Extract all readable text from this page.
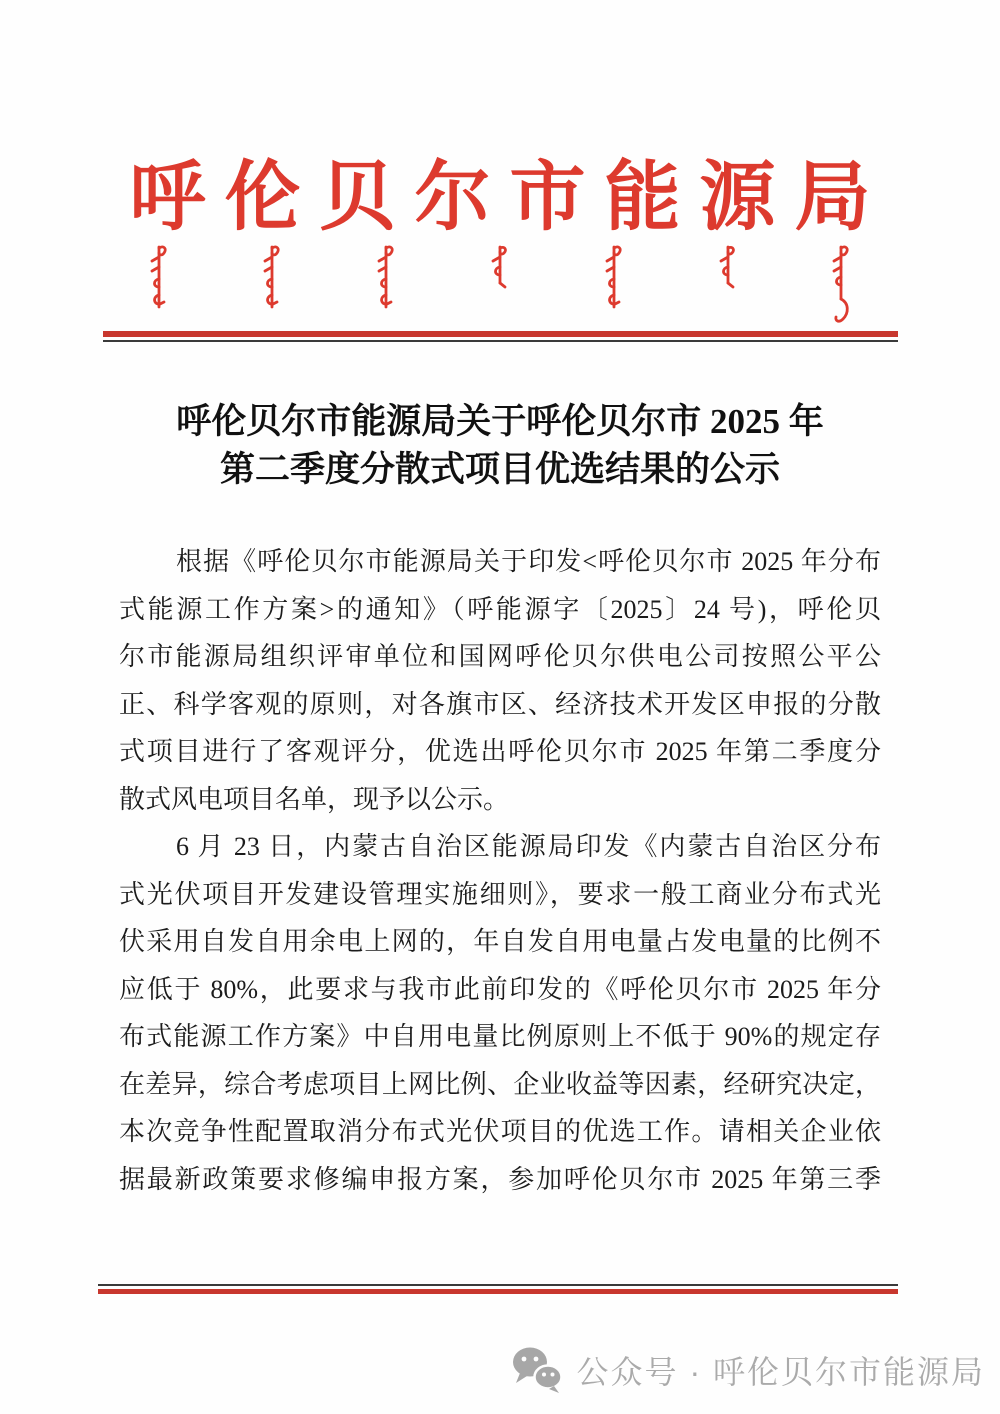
呼伦贝尔市能源局
呼伦贝尔市能源局关于呼伦贝尔市 2025 年
第二季度分散式项目优选结果的公示
根据《呼伦贝尔市能源局关于印发<呼伦贝尔市 2025 年分布
式能源工作方案>的通知》（呼能源字〔2025〕24 号)，呼伦贝
尔市能源局组织评审单位和国网呼伦贝尔供电公司按照公平公
正、科学客观的原则，对各旗市区、经济技术开发区申报的分散
式项目进行了客观评分，优选出呼伦贝尔市 2025 年第二季度分
散式风电项目名单，现予以公示。
6 月 23 日，内蒙古自治区能源局印发《内蒙古自治区分布
式光伏项目开发建设管理实施细则》，要求一般工商业分布式光
伏采用自发自用余电上网的，年自发自用电量占发电量的比例不
应低于 80%，此要求与我市此前印发的《呼伦贝尔市 2025 年分
布式能源工作方案》中自用电量比例原则上不低于 90%的规定存
在差异，综合考虑项目上网比例、企业收益等因素，经研究决定，
本次竞争性配置取消分布式光伏项目的优选工作。请相关企业依
据最新政策要求修编申报方案，参加呼伦贝尔市 2025 年第三季
公众号 · 呼伦贝尔市能源局
